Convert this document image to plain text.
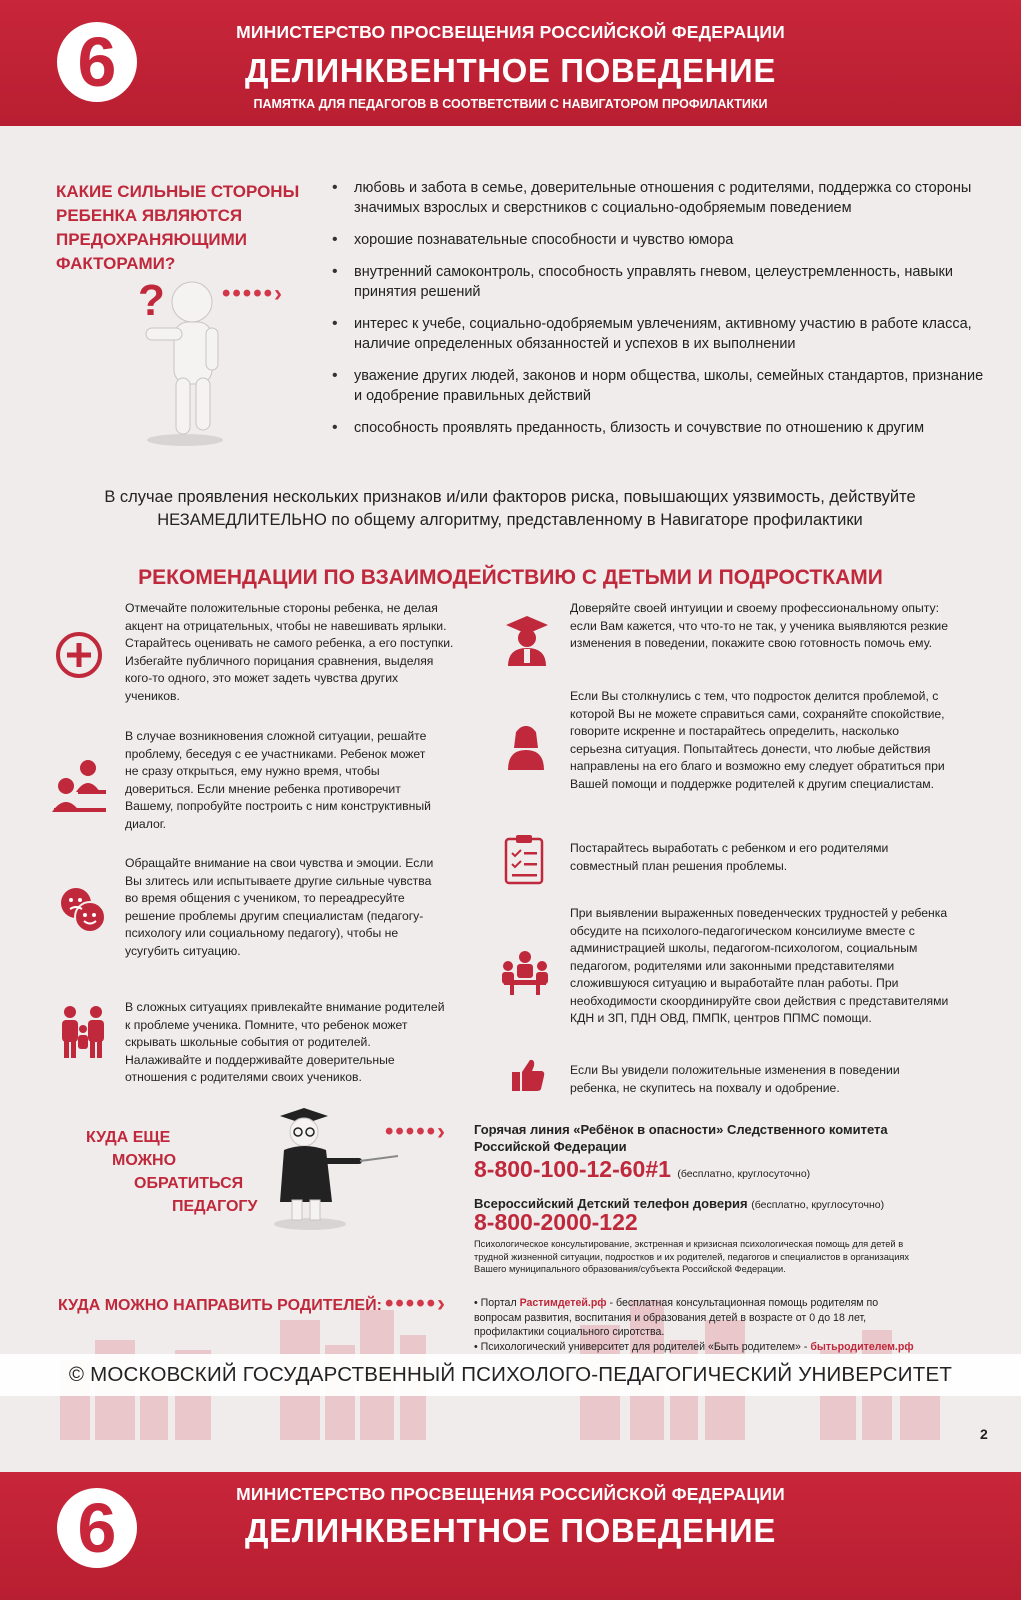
6	МИНИСТЕРСТВО ПРОСВЕЩЕНИЯ РОССИЙСКОЙ ФЕДЕРАЦИИ
ДЕЛИНКВЕНТНОЕ ПОВЕДЕНИЕ
ПАМЯТКА ДЛЯ ПЕДАГОГОВ В СООТВЕТСТВИИ С НАВИГАТОРОМ ПРОФИЛАКТИКИ
КАКИЕ СИЛЬНЫЕ СТОРОНЫ РЕБЕНКА ЯВЛЯЮТСЯ ПРЕДОХРАНЯЮЩИМИ ФАКТОРАМИ?
? •••••›
• любовь и забота в семье, доверительные отношения с родителями, поддержка со стороны значимых взрослых и сверстников с социально-одобряемым поведением
• хорошие познавательные способности и чувство юмора
• внутренний самоконтроль, способность управлять гневом, целеустремленность, навыки принятия решений
• интерес к учебе, социально-одобряемым увлечениям, активному участию в работе класса, наличие определенных обязанностей и успехов в их выполнении
• уважение других людей, законов и норм общества, школы, семейных стандартов, признание и одобрение правильных действий
• способность проявлять преданность, близость и сочувствие по отношению к другим
В случае проявления нескольких признаков и/или факторов риска, повышающих уязвимость, действуйте НЕЗАМЕДЛИТЕЛЬНО по общему алгоритму, представленному в Навигаторе профилактики
РЕКОМЕНДАЦИИ ПО ВЗАИМОДЕЙСТВИЮ С ДЕТЬМИ И ПОДРОСТКАМИ
Отмечайте положительные стороны ребенка, не делая акцент на отрицательных, чтобы не навешивать ярлыки. Старайтесь оценивать не самого ребенка, а его поступки. Избегайте публичного порицания сравнения, выделяя кого-то одного, это может задеть чувства других учеников.
В случае возникновения сложной ситуации, решайте проблему, беседуя с ее участниками. Ребенок может не сразу открыться, ему нужно время, чтобы довериться. Если мнение ребенка противоречит Вашему, попробуйте построить с ним конструктивный диалог.
Обращайте внимание на свои чувства и эмоции. Если Вы злитесь или испытываете другие сильные чувства во время общения с учеником, то переадресуйте решение проблемы другим специалистам (педагогу-психологу или социальному педагогу), чтобы не усугубить ситуацию.
В сложных ситуациях привлекайте внимание родителей к проблеме ученика. Помните, что ребенок может скрывать школьные события от родителей. Налаживайте и поддерживайте доверительные отношения с родителями своих учеников.
Доверяйте своей интуиции и своему профессиональному опыту: если Вам кажется, что что-то не так, у ученика выявляются резкие изменения в поведении, покажите свою готовность помочь ему.
Если Вы столкнулись с тем, что подросток делится проблемой, с которой Вы не можете справиться сами, сохраняйте спокойствие, говорите искренне и постарайтесь определить, насколько серьезна ситуация. Попытайтесь донести, что любые действия направлены на его благо и возможно ему следует обратиться при Вашей помощи и поддержке родителей к другим специалистам.
Постарайтесь выработать с ребенком и его родителями совместный план решения проблемы.
При выявлении выраженных поведенческих трудностей у ребенка обсудите на психолого-педагогическом консилиуме вместе с администрацией школы, педагогом-психологом, социальным педагогом, родителями или законными представителями сложившуюся ситуацию и выработайте план работы. При необходимости скоординируйте свои действия с представителями КДН и ЗП, ПДН ОВД, ПМПК, центров ППМС помощи.
Если Вы увидели положительные изменения в поведении ребенка, не скупитесь на похвалу и одобрение.
КУДА ЕЩЕ
МОЖНО
ОБРАТИТЬСЯ
ПЕДАГОГУ
•••••› Горячая линия «Ребёнок в опасности» Следственного комитета Российской Федерации
8-800-100-12-60#1 (бесплатно, круглосуточно)
Всероссийский Детский телефон доверия (бесплатно, круглосуточно)
8-800-2000-122
Психологическое консультирование, экстренная и кризисная психологическая помощь для детей в трудной жизненной ситуации, подростков и их родителей, педагогов и специалистов в организациях Вашего муниципального образования/субъекта Российской Федерации.
КУДА МОЖНО НАПРАВИТЬ РОДИТЕЛЕЙ: •••••›	• Портал Растимдетей.рф - бесплатная консультационная помощь родителям по вопросам развития, воспитания и образования детей в возрасте от 0 до 18 лет, профилактики социального сиротства.
• Психологический университет для родителей «Быть родителем» - бытьродителем.рф
© МОСКОВСКИЙ ГОСУДАРСТВЕННЫЙ ПСИХОЛОГО-ПЕДАГОГИЧЕСКИЙ УНИВЕРСИТЕТ
2
МИНИСТЕРСТВО ПРОСВЕЩЕНИЯ РОССИЙСКОЙ ФЕДЕРАЦИИ
ДЕЛИНКВЕНТНОЕ ПОВЕДЕНИЕ
6
